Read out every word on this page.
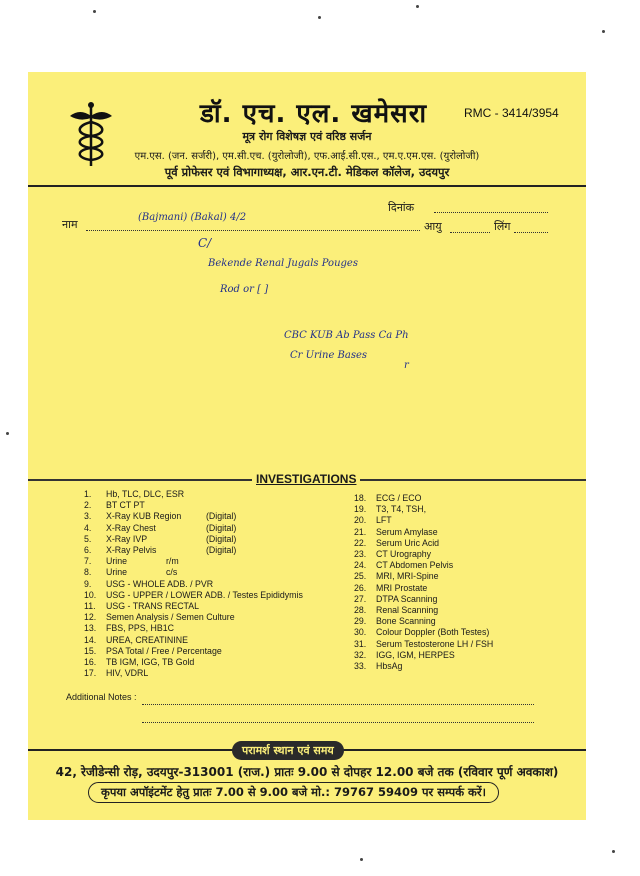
डॉ. एच. एल. खमेसरा	RMC - 3414/3954
मूत्र रोग विशेषज्ञ एवं वरिष्ठ सर्जन
एम.एस. (जन. सर्जरी), एम.सी.एच. (युरोलोजी), एफ.आई.सी.एस., एम.ए.एम.एस. (युरोलोजी)
पूर्व प्रोफेसर एवं विभागाध्यक्ष, आर.एन.टी. मेडिकल कॉलेज, उदयपुर
दिनांक
नाम	आयु	लिंग
(Bajmani) (Bakal) 4/2
C/
Bekende Renal Jugals Pouges
Rod or [ ]
CBC KUB Ab Pass Ca Ph
Cr Urine Bases
r
INVESTIGATIONS
1. Hb, TLC, DLC, ESR
2. BT CT PT
3. X-Ray KUB Region	(Digital)
4. X-Ray Chest	(Digital)
5. X-Ray IVP	(Digital)
6. X-Ray Pelvis	(Digital)
7. Urine	r/m
8. Urine	c/s
9. USG - WHOLE ADB. / PVR
10. USG - UPPER / LOWER ADB. / Testes Epididymis
11. USG - TRANS RECTAL
12. Semen Analysis / Semen Culture
13. FBS, PPS, HB1C
14. UREA, CREATININE
15. PSA Total / Free / Percentage
16. TB IGM, IGG, TB Gold
17. HIV, VDRL
18. ECG / ECO
19. T3, T4, TSH,
20. LFT
21. Serum Amylase
22. Serum Uric Acid
23. CT Urography
24. CT Abdomen Pelvis
25. MRI, MRI-Spine
26. MRI Prostate
27. DTPA Scanning
28. Renal Scanning
29. Bone Scanning
30. Colour Doppler (Both Testes)
31. Serum Testosterone LH / FSH
32. IGG, IGM, HERPES
33. HbsAg
Additional Notes :
परामर्श स्थान एवं समय
42, रेजीडेन्सी रोड़, उदयपुर-313001 (राज.) प्रातः 9.00 से दोपहर 12.00 बजे तक (रविवार पूर्ण अवकाश)
कृपया अपॉइंटमेंट हेतु प्रातः 7.00 से 9.00 बजे मो.: 79767 59409 पर सम्पर्क करें।
